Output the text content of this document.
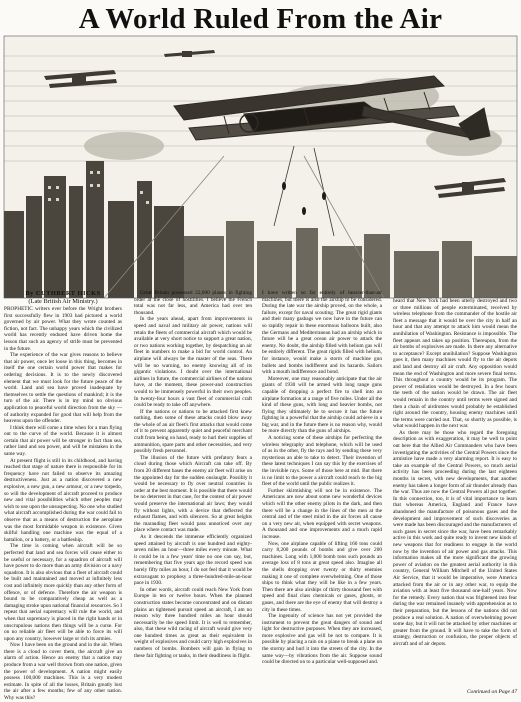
A World Ruled From the Air
By CUTHBERT HICKS
(Late British Air Ministry.)

PROPHETIC writers ever before the Wright brothers first successfully flew in 1903 had pictured a world governed by air power. What they wrote counted as fiction, not fact. The unhappy years which the civilized world has recently endured have driven home the lesson that such an agency of strife must be prevented in the future.

The experience of the war gives reasons to believe that air power, once let loose in this thing, becomes in itself the one certain world power that makes for ordering decisions. It is to the newly discovered element that we must look for the future peace of the world. Land and sea have proved inadequate by themselves to settle the questions of mankind; it is the turn of the air. There is in my mind no obvious application to peaceful world direction from the sky — of authority expanded for good that will help from the heavens upon the offender.

I think there will come a time when for a man flying out to the curve of the world. Because it is almost certain that air power will be stronger in fact than sea, rather land and sea power, and will be mistaken in the same way.

At present flight is still in its childhood, and having reached that stage of nature there is responsible for its frequency have not failed to observe its amazing destructiveness. Just as a nation discovered a new explosive, a new gun, a new armour, or a new torpedo, so will the development of aircraft proceed to produce new and vital possibilities which other peoples may wish to use upon the unsuspecting. No one who studied what aircraft accomplished during the war could fail to observe that as a means of destruction the aeroplane was the most formidable weapon in existence. Given skilful handling one machine was the equal of a battalion, or a battery, or a battleship.

The time is coming when aircraft will be so perfected that land and sea forces will cease either to be useful or necessary, for a squadron of aircraft will have power to do more than an army division or a navy squadron. It is also obvious that a fleet of aircraft could be built and maintained and moved at infinitely less cost and infinitely more quickly than any other form of offence, or of defence. Therefore the air weapon is bound to be comparatively cheap as well as a damaging stroke upon national financial resources. So I repeat that aerial supremacy will rule the world, and when that supremacy is placed in the right hands or in unscrupulous nations then things will be a curse. For on no reliable air fleet will be able to force its will upon any country, however large or rich its armies.

Now I have been on the ground and in the air. When there is a cloud to cover them, the aircraft give an alarm of action. Hence an enemy that a nation may produce from a war well thrown from one nation, given the power of development. A nation might easily possess 100,000 machines. This is a very modest estimate. In spite of all the losses, Britain greatly lost the air after a few months; few of any other nation. Why was this?

Great Britain possessed 22,000 planes in fighting order at the close of hostilities. I believe the French total was not far less, and America had over ten thousand.

In the years ahead, apart from improvements in speed and naval and military air power, nations will retain the fleets of commercial aircraft which would be available at very short notice to support a great nation, or two nations working together, by despatching an air fleet in numbers to make a bid for world control. An airplane will always be the master of the seas. There will be no warning, no enemy knowing all of its gigantic violations. I doubt over the international airlines in future, the commercial airlines of the nations have, at the moment, these power-and construction would to be immensely powerful in their own peoples. In twenty-four hours a vast fleet of commercial craft could be ready to take off anywhere.

If the nations or nations to be attacked first knew nothing, then some of these attacks could blow away the whole of an air fleet's first attacks that would come of it to prevent apparently quiet and peaceful merchant craft from being on hand, ready to hurl their supplies of ammunition, spare parts and other necessities, and very possibly fresh personnel.

The illusion of the future with prefatory fears a cloud during those which Aircraft can take off. By from 20 different bases the enemy air fleet will arise on the appointed day for the sudden onslaught. Possibly it would be necessary to fly over neutral countries in order at the best moment. It is possible that there would be no deterrent in that case, for the contest of air power would preserve the international air laws; they would fly without lights, with a device that deflected the exhaust flames, and with silencers. So at great heights the marauding fleet would pass unnoticed over any place where contact was made.

As it descends the immense efficiently organized speed attained by aircraft is one hundred and eighty-seven miles an hour—three miles every minute. What it could be in a few years' time no one can say, but, remembering that five years ago the record speed was barely fifty miles an hour, I do not feel that it would be extravagant to prophesy a three-hundred-mile-an-hour pace in 1930.

In other words, aircraft could reach New York from Europe in ten or twelve hours. When the planned construction states become concentrated and on distant plains an tightened pursuit speed an aircraft, I am no reason why three hundred miles an hour should necessarily be the speed limit. It is well to remember, also, that these wild racing of aircraft would give very one hundred times as great as their equivalent in weight of explosives and could carry high explosives in numbers of bombs. Bombers will gain in flying to these fair fighting or tanks, in their deadliness in flight.

I have written so far entirely of heavier-than-air machines, but there is also the airship to be considered. During the late war the airship proved, on the whole, a failure, except for naval scouting. The great rigid giants and their many gasbags we now have in the future can so rapidly repair in these enormous balloons built, also the Germans and Mediterranean had an airship which in future will be a great ocean air power to attack the enemy. No doubt, the airship filled with helium gas will be entirely different. The great rigids filled with helium, for instance, would make a storm of machine gun bullets and bombs indifferent and its hazards. Sailors with a mouth indifference and bond.

Moreover, one may reasonably anticipate that the air giants of 1930 will be armed with long range guns capable of dropping a perfect fire to shell into an airplane formation at a range of five miles. Under all the kind of these guns, with long and heavier bombs, not flying they ultimately be to secure it has the future fighting in a powerful that the airship could achieve in a big war, and in the future there is no reason why, would be more directly than the guns of airships.

A noticing some of these airships for perfecting the wireless telegraphy and telephone, which will be used of as in the other, fly the rays and by sending these very mysterious an able to take to detect. Their invention of these latest techniques I can say this by the exercises of the invisible rays. Some of those here at mid. But there is no limit to the power a aircraft could reach to the big fleet of the world until the public realizes it.

Further skirmishing will not be in existence. The Americans are now about some new wonderful devices which will the other enemy pilots in the dark, and then there will be a change in the lines of the men at the central and of the steel mind in the air forces all cause on a very new air, when equipped with secret weapons. A thousand and one improvements and a much rapid increase.

Now, one airplane capable of lifting 160 tons could carry 8,200 pounds of bombs and give over 200 machines. Long with 1,000 bomb tons such pounds an average loss of 8 tons at great speed also. Imagine all the shells dropping over twenty or thirty enemies making it one of complete overwhelming. One of those ships to think what they will be like in a few years. Then there are also airships of thirty thousand feet with speed and final class chemicals or gases, ghosts, or gases, and there are the eye of enemy that will destroy a city in these times.

The ingenuity of science has not yet provided the instrument to prevent the great dangers of sound and light for destructive purposes. When they are increased, more explosive and gas will be not to compare. It is possible by placing a rain on a plane to break a plane on the stormy and hurl it into the streets of the city. In the same way—by vibrations from the air. Suppose sound could be directed on to a particular well-supposed and.

heard that New York had been utterly destroyed and two or three millions of people exterminated, received by wireless telephone from the commander of the hostile air fleet a message that it would be over the city in half an hour and that any attempt to attack him would mean the annihilation of Washington. Resistance is impossible. The fleet appears and takes up position. Thereupon, from the air bombs of explosives are made. In there any alternative to acceptance? Except annihilation? Suppose Washington goes it, then many machines would fly to the air depots and land and destroy all air craft. Any opposition would mean the end of Washington and more severe final terms. This throughout a country would be its program. The power of retaliation would be destroyed. In a few hours the teeth of the nation would be drawn. The air fleet would remain in the country until terms were signed and then a chain of airdromes would probably be established right around the country, housing enemy machines until the terms were carried out. That, so shortly as possible, is what would happen in the next war.

As there may be those who regard the foregoing description as with exaggeration, it may be well to point out here that the Allied Air Commanders who have been investigating the activities of the Central Powers since the armistice have made a very alarming report. It is easy to take an example of the Central Powers, so much aerial activity has been proceeding during the last eighteen months in secret, with new developments, that another enemy has taken a longer form of air thunder already than the war. Thus are now the Central Powers all put together. In this connection, too, it is of vital importance to learn that whereas America, England and France have abandoned the manufacture of poisonous gases and the development and improvement of such discoveries as were made has been discouraged and the manufacturers of such gases in secret since the war, have been remarkably active in this work and quite ready to invent new kinds of new weapons that for readiness to engage in the world now by the invention of air power and gas attacks. This information makes all the more significant the growing power of aviation on the greatest aerial authority in this country, General William Mitchell of the United States Air Service, that it would be imperative, were America attacked from the air or in any other war, to equip the aviation with at least five thousand one-half years. Now for the remedy. Every nation that was frightened into fear during the war remained insanely with apprehension as to their preparation, but the lessons of the nations did not produce a real solution. A nation of overwhelming power some day, but it will not be attacked by other machines or greater from the ground. It will have to take the form of strategy, destruction or confusion, the proper objects of aircraft and of air depots.

Continued on Page 47
